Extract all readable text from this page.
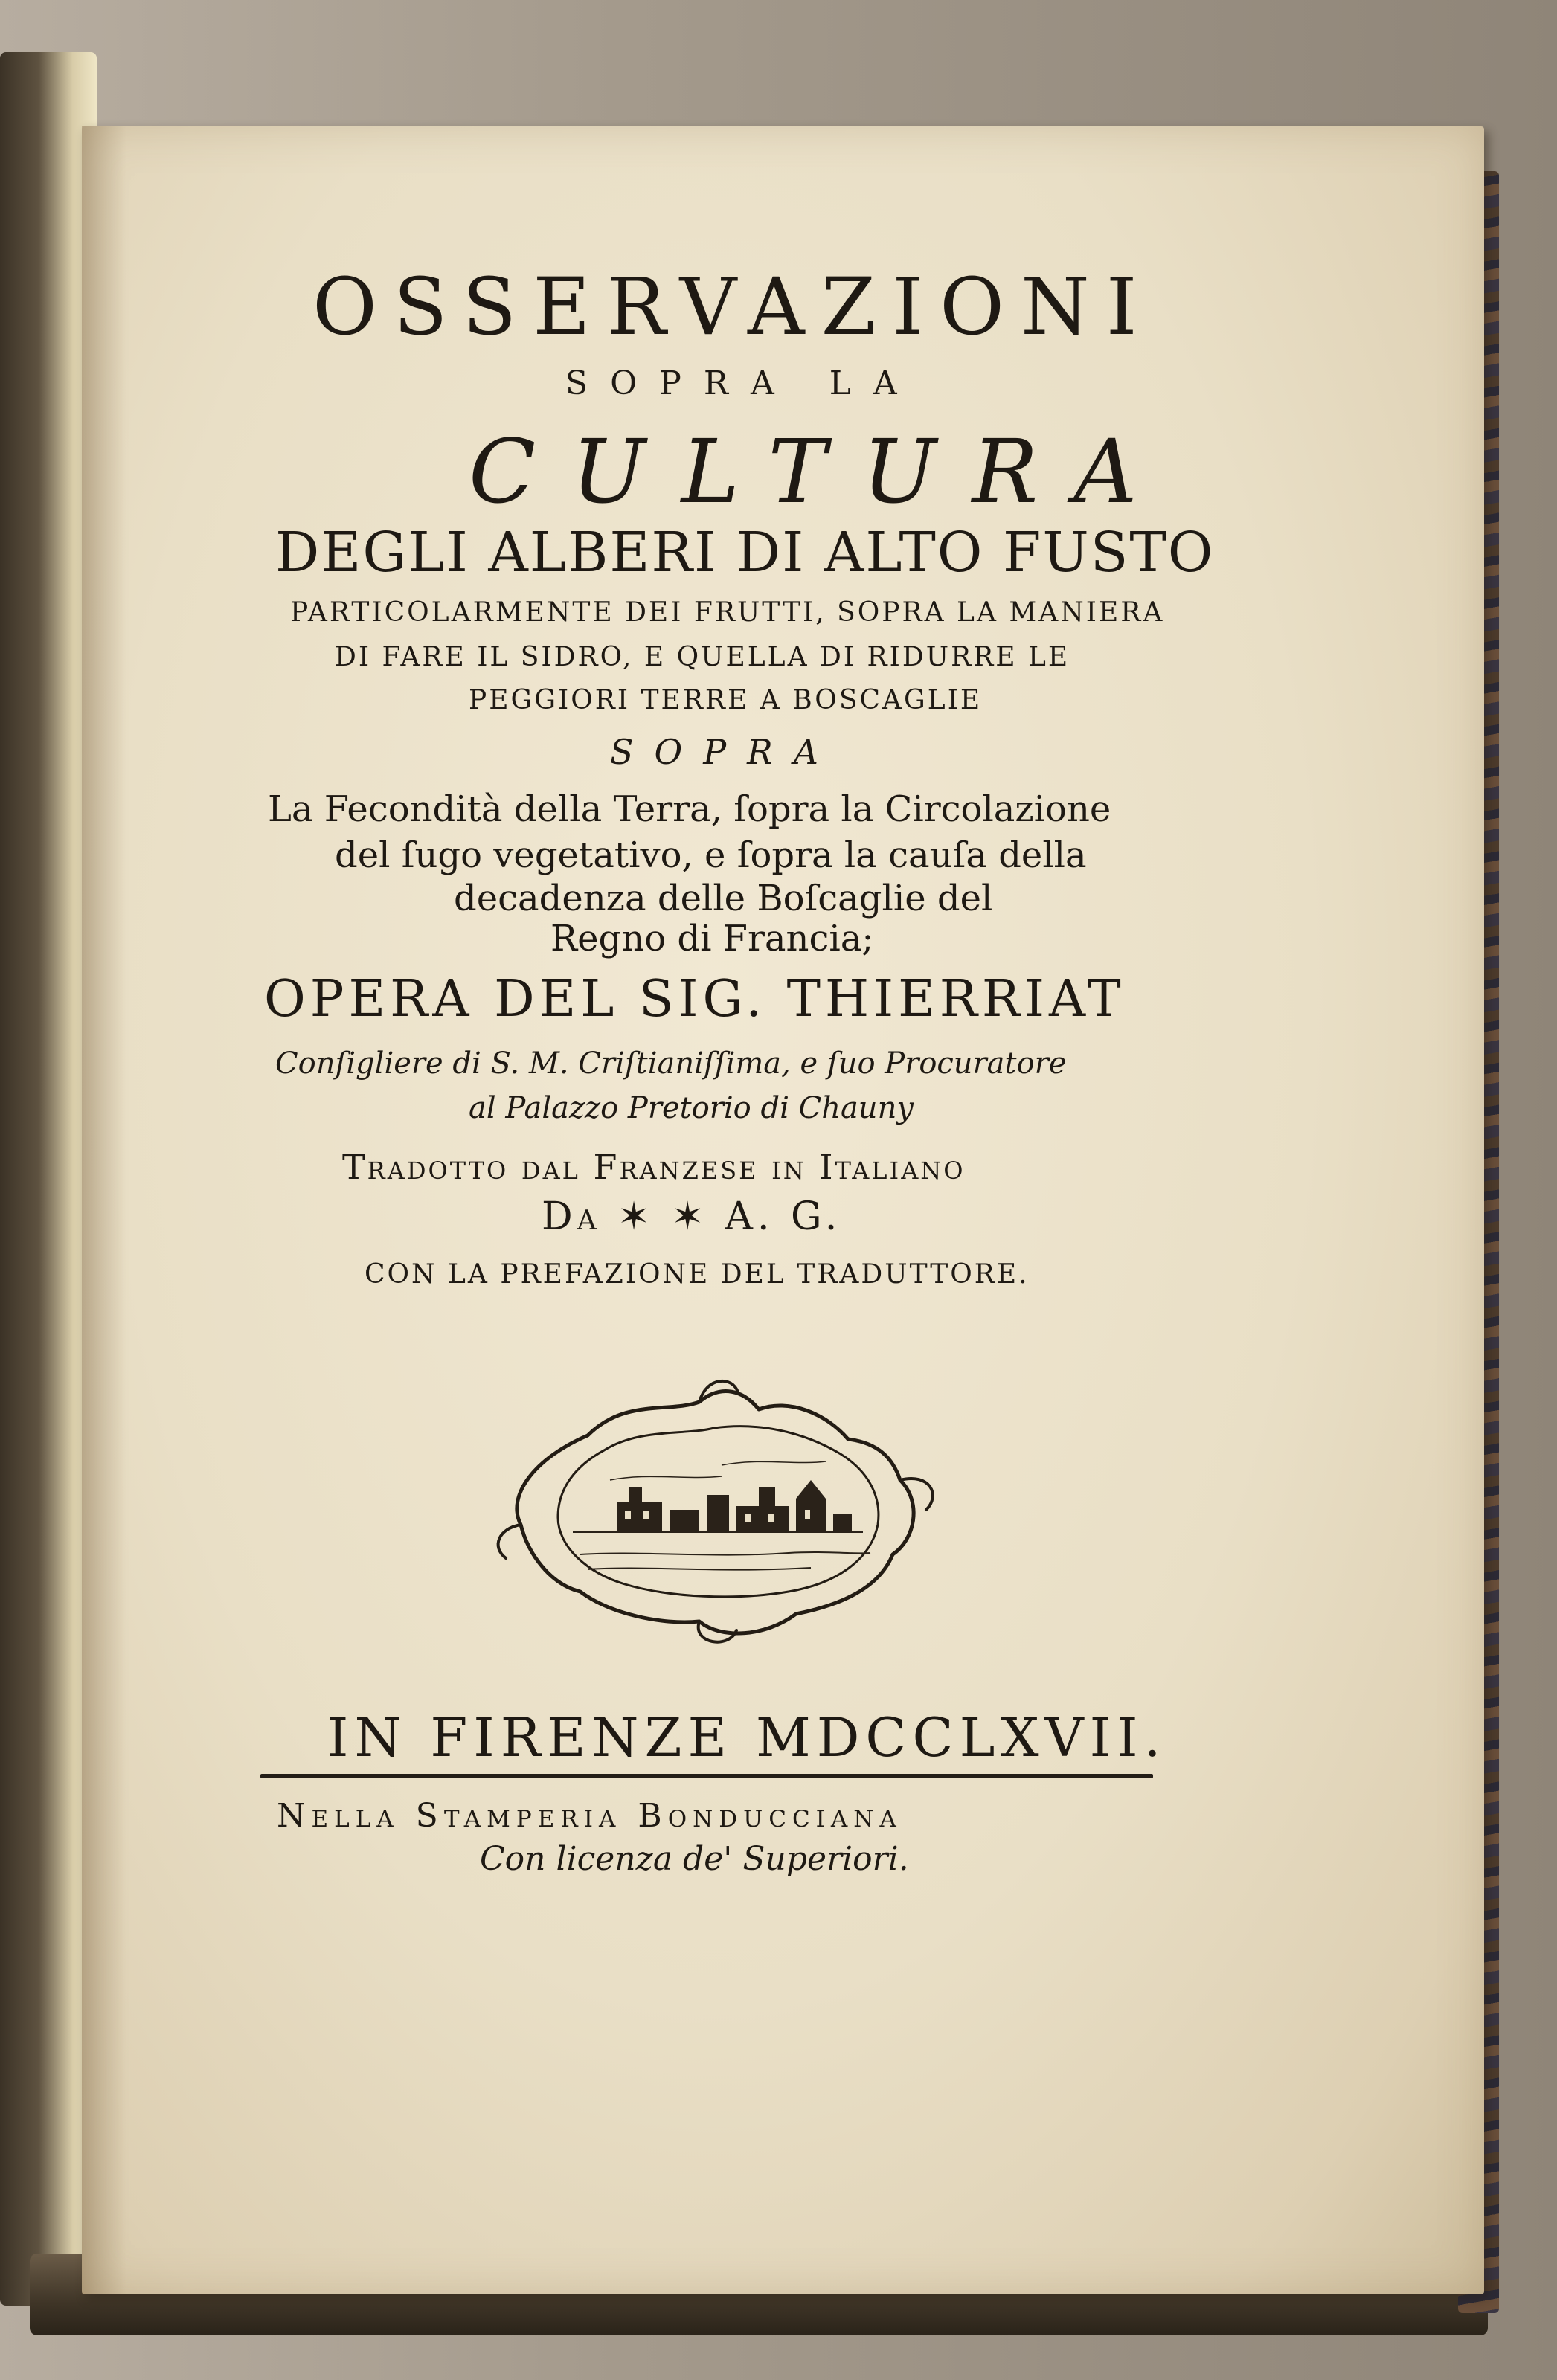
OSSERVAZIONI
SOPRA LA
CULTURA
DEGLI ALBERI DI ALTO FUSTO
PARTICOLARMENTE DEI FRUTTI, SOPRA LA MANIERA
DI FARE IL SIDRO, E QUELLA DI RIDURRE LE
PEGGIORI TERRE A BOSCAGLIE
SOPRA
La Fecondità della Terra, ſopra la Circolazione
del ſugo vegetativo, e ſopra la cauſa della
decadenza delle Boſcaglie del
Regno di Francia;
OPERA DEL SIG. THIERRIAT
Conſigliere di S. M. Criſtianiſſima, e ſuo Procuratore
al Palazzo Pretorio di Chauny
Tradotto dal Franzese in Italiano
Da ✶ ✶ A. G.
CON LA PREFAZIONE DEL TRADUTTORE.
IN FIRENZE MDCCLXVII.
Nella Stamperia Bonducciana
Con licenza de' Superiori.
